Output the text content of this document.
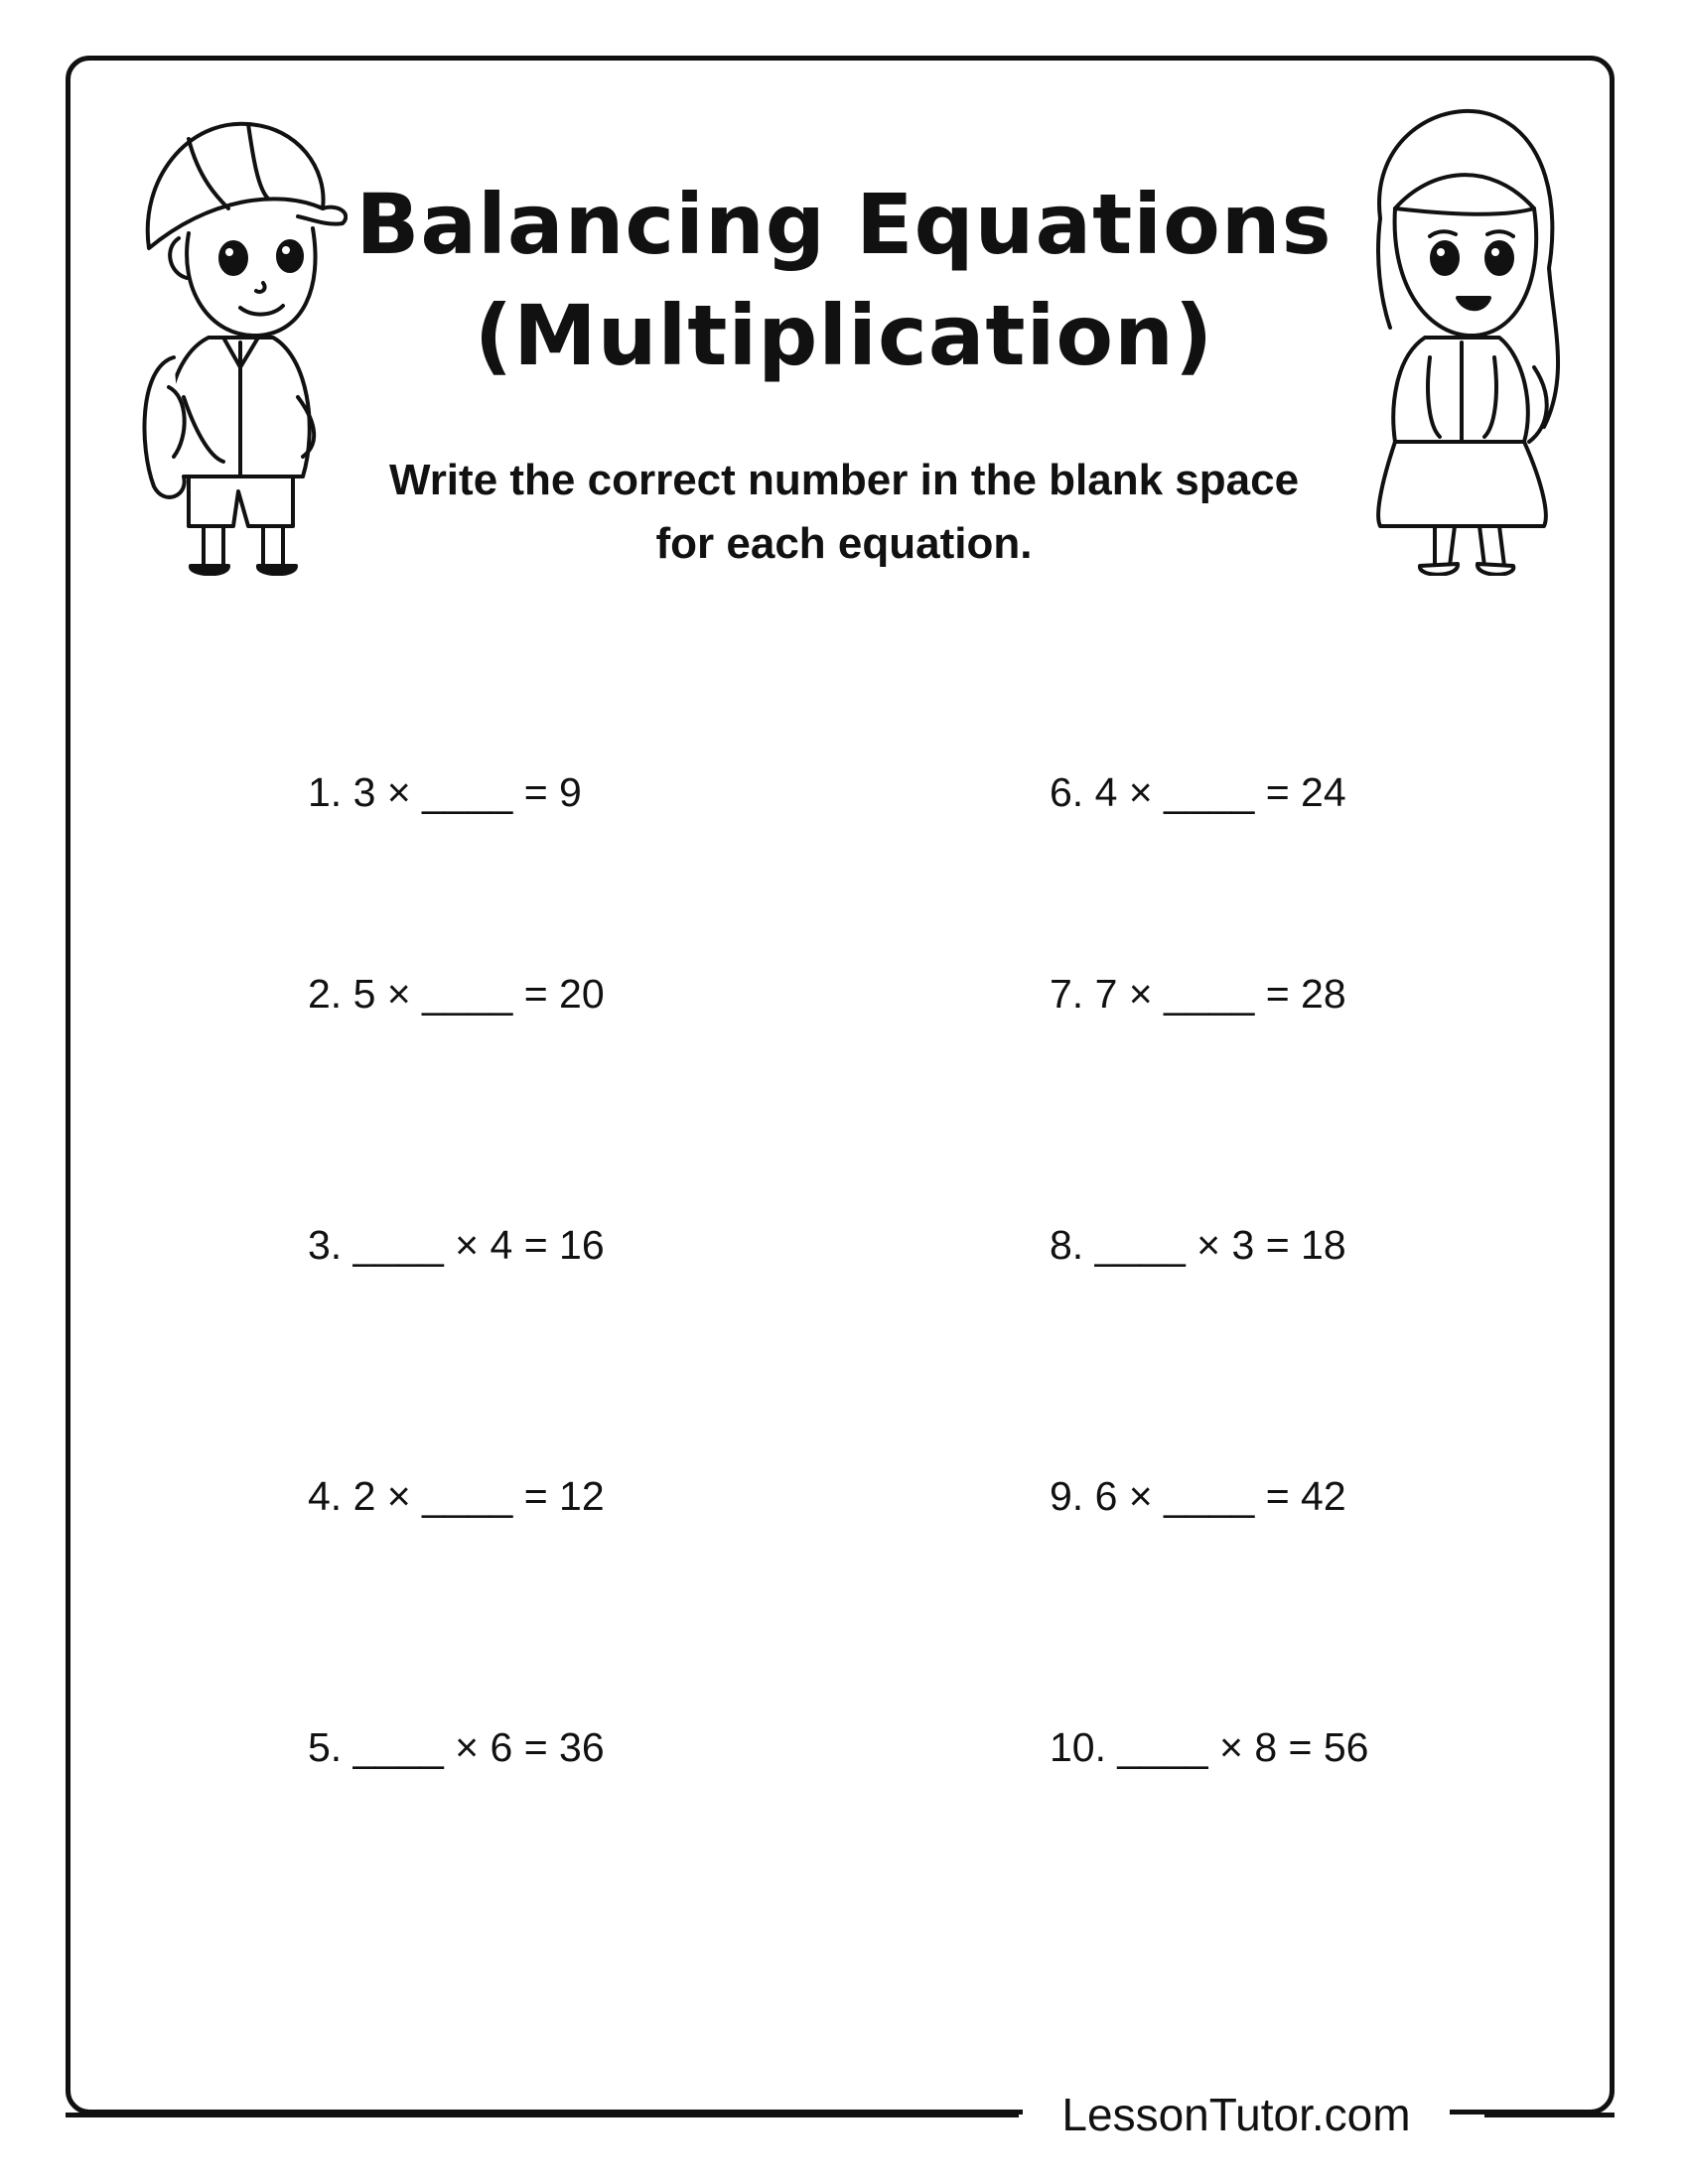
Balancing Equations
(Multiplication)
Write the correct number in the blank space
for each equation.
1. 3 × ____ = 9
2. 5 × ____ = 20
3. ____ × 4 = 16
4. 2 × ____ = 12
5. ____ × 6 = 36
6. 4 × ____ = 24
7. 7 × ____ = 28
8. ____ × 3 = 18
9. 6 × ____ = 42
10. ____ × 8 = 56
LessonTutor.com
